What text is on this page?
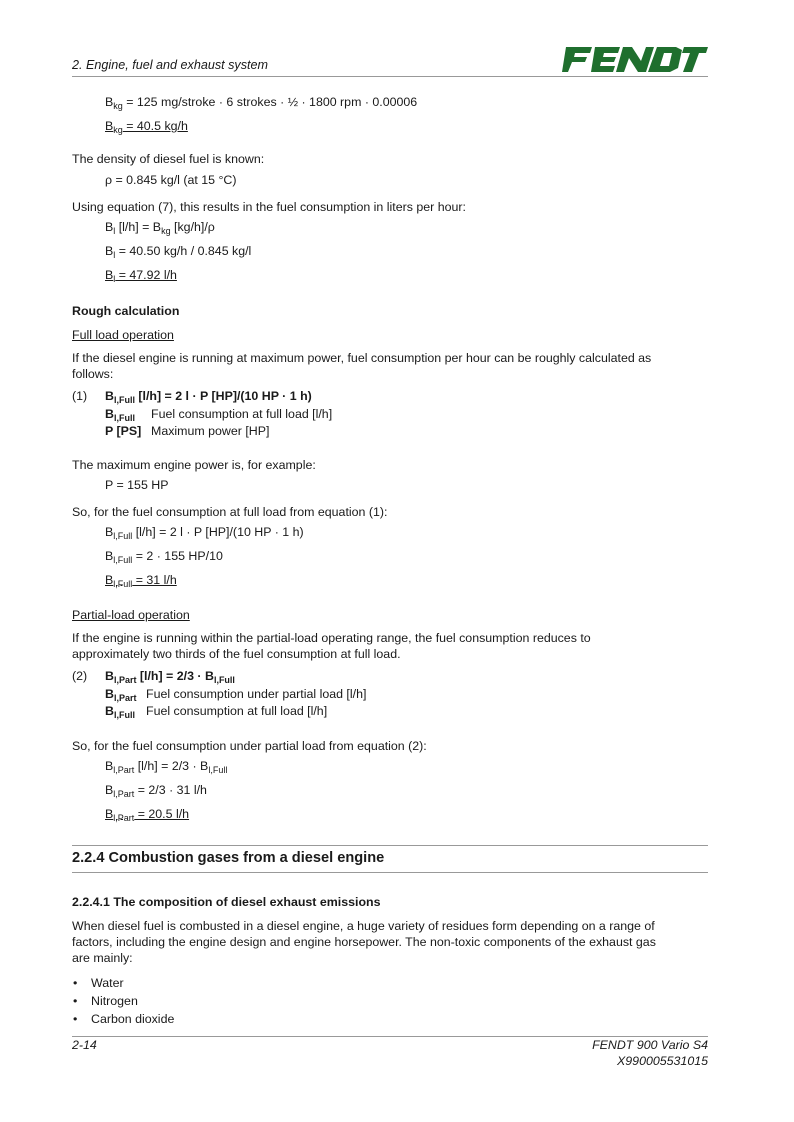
2. Engine, fuel and exhaust system
$B_{kg} = 125$ mg/stroke · 6 strokes · ½ · 1800 rpm · 0.00006
$B_{kg} = 40.5$ kg/h
The density of diesel fuel is known:
ρ = 0.845 kg/l (at 15 °C)
Using equation (7), this results in the fuel consumption in liters per hour:
$B_l$ $[l/h] = B_{kg}$ [kg/h]/ρ
$B_l = 40.50$ kg/h / 0.845 kg/l
$B_l = 47.92$ l/h
Rough calculation
Full load operation
If the diesel engine is running at maximum power, fuel consumption per hour can be roughly calculated as
follows:
(1) $B_{l,Full}$ [l/h] = 2 l · P [HP]/(10 HP · 1 h)
$B_{l,Full}$ Fuel consumption at full load [l/h]
P [PS] Maximum power [HP]
The maximum engine power is, for example:
P = 155 HP
So, for the fuel consumption at full load from equation (1):
$B_{l,Full}$ [l/h] = 2 l · P [HP]/(10 HP · 1 h)
$B_{l,Full} = 2 \cdot 155$ HP/10
$B_{l,Full} = 31$ l/h
Partial-load operation
If the engine is running within the partial-load operating range, the fuel consumption reduces to
approximately two thirds of the fuel consumption at full load.
(2) $B_{l,Part}$ $[l/h] = 2/3 \cdot B_{l,Full}$
$B_{l,Part}$ Fuel consumption under partial load [l/h]
$B_{l,Full}$ Fuel consumption at full load [l/h]
So, for the fuel consumption under partial load from equation (2):
$B_{l,Part}$ $[l/h] = 2/3 \cdot B_{l,Full}$
$B_{l,Part} = 2/3 \cdot 31$ l/h
$B_{l,Part} = 20.5$ l/h
2.2.4 Combustion gases from a diesel engine
2.2.4.1 The composition of diesel exhaust emissions
When diesel fuel is combusted in a diesel engine, a huge variety of residues form depending on a range of
factors, including the engine design and engine horsepower. The non-toxic components of the exhaust gas
are mainly:
• Water
• Nitrogen
• Carbon dioxide
2-14	FENDT 900 Vario S4
X990005531015
